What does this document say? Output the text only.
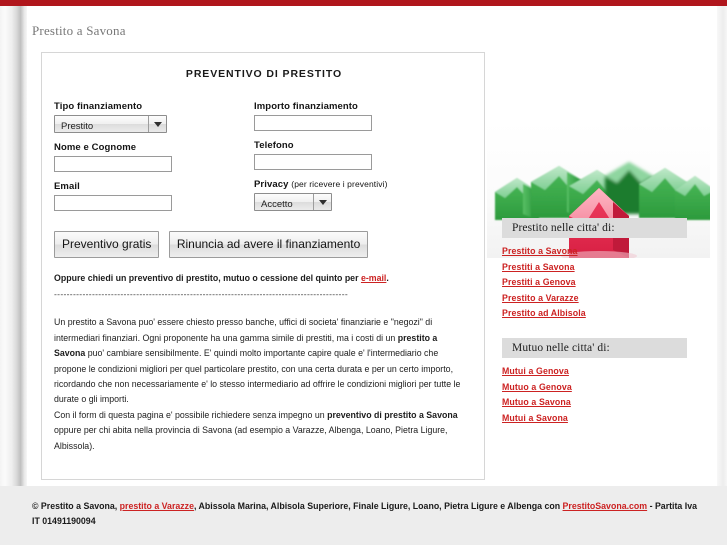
Prestito a Savona
PREVENTIVO DI PRESTITO
Tipo finanziamento
Prestito
Nome e Cognome
Email
Importo finanziamento
Telefono
Privacy (per ricevere i preventivi)
Accetto
Preventivo gratis Rinuncia ad avere il finanziamento

Oppure chiedi un preventivo di prestito, mutuo o cessione del quinto per e-mail.

---------------------------------------------------------------------------------------------

Un prestito a Savona puo' essere chiesto presso banche, uffici di societa' finanziarie e "negozi" di intermediari finanziari. Ogni proponente ha una gamma simile di prestiti, ma i costi di un prestito a Savona puo' cambiare sensibilmente. E' quindi molto importante capire quale e' l'intermediario che propone le condizioni migliori per quel particolare prestito, con una certa durata e per un certo importo, ricordando che non necessariamente e' lo stesso intermediario ad offrire le condizioni migliori per tutte le durate o gli importi.

Con il form di questa pagina e' possibile richiedere senza impegno un preventivo di prestito a Savona oppure per chi abita nella provincia di Savona (ad esempio a Varazze, Albenga, Loano, Pietra Ligure, Albissola).

Prestito nelle citta' di:
Prestito a Savona
Prestiti a Savona
Prestiti a Genova
Prestito a Varazze
Prestito ad Albisola
Mutuo nelle citta' di:
Mutui a Genova
Mutuo a Genova
Mutuo a Savona
Mutui a Savona
© Prestito a Savona, prestito a Varazze, Abissola Marina, Albisola Superiore, Finale Ligure, Loano, Pietra Ligure e Albenga con PrestitoSavona.com - Partita Iva IT 01491190094
